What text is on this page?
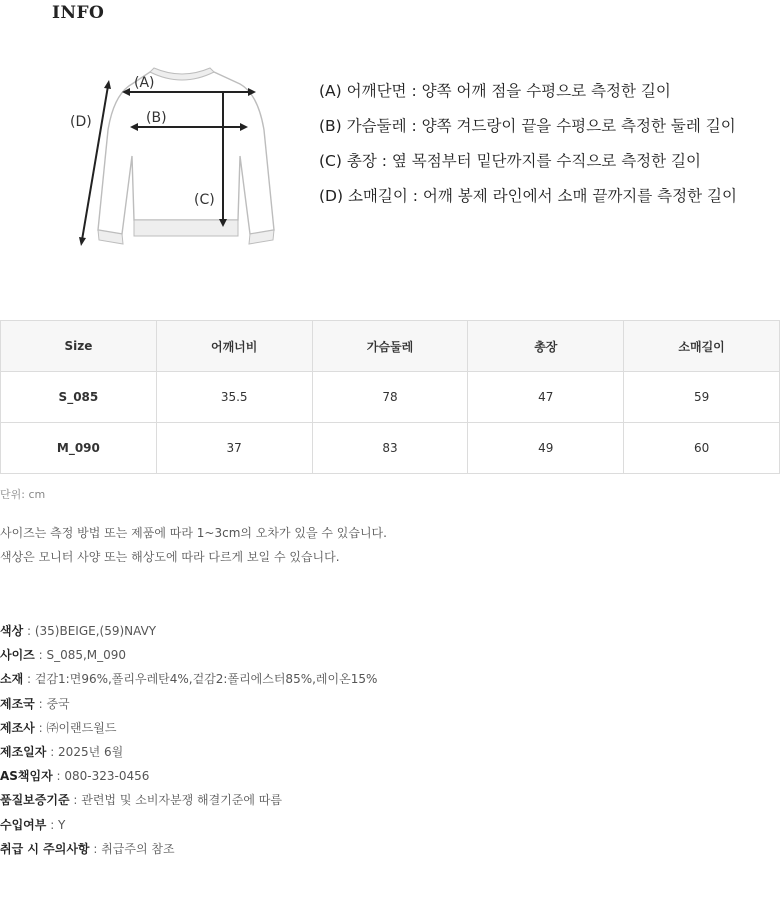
INFO
(A)
(B)
(C)
(D)
(A) 어깨단면 : 양쪽 어깨 점을 수평으로 측정한 길이
(B) 가슴둘레 : 양쪽 겨드랑이 끝을 수평으로 측정한 둘레 길이
(C) 총장 : 옆 목점부터 밑단까지를 수직으로 측정한 길이
(D) 소매길이 : 어깨 봉제 라인에서 소매 끝까지를 측정한 길이
Size	어깨너비	가슴둘레	총장	소매길이
S_085	35.5	78	47	59
M_090	37	83	49	60
단위: cm
사이즈는 측정 방법 또는 제품에 따라 1~3cm의 오차가 있을 수 있습니다.
색상은 모니터 사양 또는 해상도에 따라 다르게 보일 수 있습니다.
색상 : (35)BEIGE,(59)NAVY
사이즈 : S_085,M_090
소재 : 겉감1:면96%,폴리우레탄4%,겉감2:폴리에스터85%,레이온15%
제조국 : 중국
제조사 : ㈜이랜드월드
제조일자 : 2025년 6월
AS책임자 : 080-323-0456
품질보증기준 : 관련법 및 소비자분쟁 해결기준에 따름
수입여부 : Y
취급 시 주의사항 : 취급주의 참조
